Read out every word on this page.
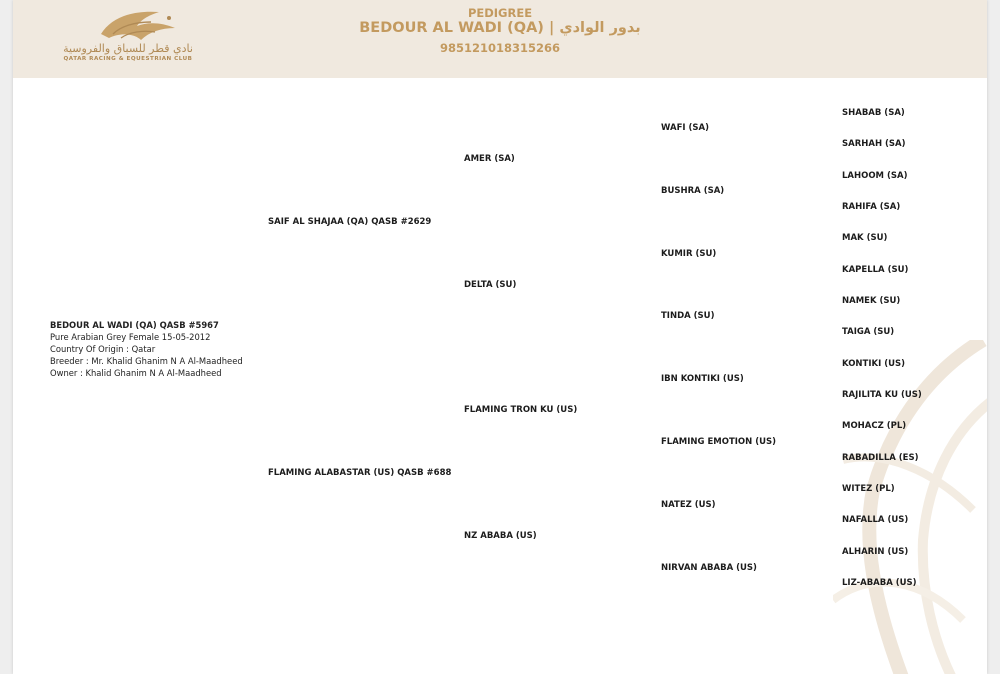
نادي قطر للسباق والفروسية
QATAR RACING & EQUESTRIAN CLUB
PEDIGREE
BEDOUR AL WADI (QA) | بدور الوادي
985121018315266
BEDOUR AL WADI (QA) QASB #5967
Pure Arabian Grey Female 15-05-2012
Country Of Origin : Qatar
Breeder : Mr. Khalid Ghanim N A Al-Maadheed
Owner : Khalid Ghanim N A Al-Maadheed
SAIF AL SHAJAA (QA) QASB #2629
FLAMING ALABASTAR (US) QASB #688
AMER (SA)
DELTA (SU)
FLAMING TRON KU (US)
NZ ABABA (US)
WAFI (SA)
BUSHRA (SA)
KUMIR (SU)
TINDA (SU)
IBN KONTIKI (US)
FLAMING EMOTION (US)
NATEZ (US)
NIRVAN ABABA (US)
SHABAB (SA)
SARHAH (SA)
LAHOOM (SA)
RAHIFA (SA)
MAK (SU)
KAPELLA (SU)
NAMEK (SU)
TAIGA (SU)
KONTIKI (US)
RAJILITA KU (US)
MOHACZ (PL)
RABADILLA (ES)
WITEZ (PL)
NAFALLA (US)
ALHARIN (US)
LIZ-ABABA (US)
